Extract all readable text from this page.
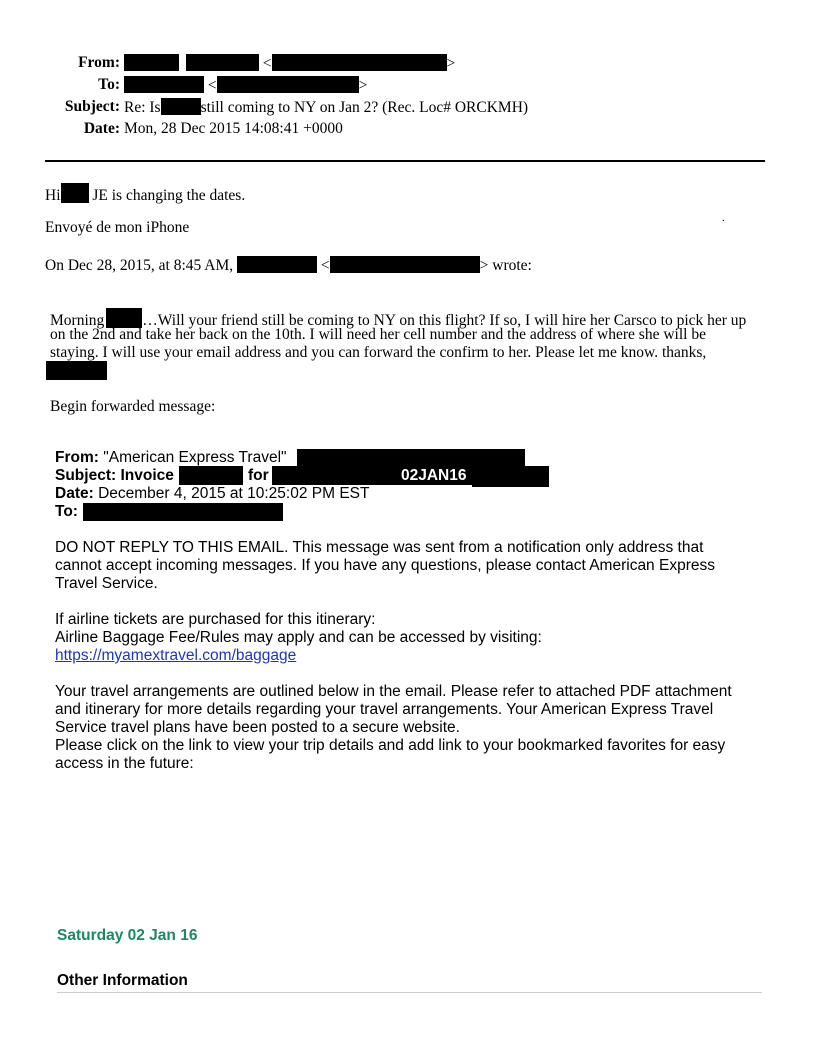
From:	<	>
To:	<	>
Subject: Re: Is	still coming to NY on Jan 2? (Rec. Loc# ORCKMH)
Date: Mon, 28 Dec 2015 14:08:41 +0000
Hi JE is changing the dates.
Envoyé de mon iPhone
.
On Dec 28, 2015, at 8:45 AM,	<	> wrote:
Morning …Will your friend still be coming to NY on this flight? If so, I will hire her Carsco to pick her up
on the 2nd and take her back on the 10th. I will need her cell number and the address of where she will be
staying. I will use your email address and you can forward the confirm to her. Please let me know. thanks,
Begin forwarded message:
From: "American Express Travel"
Subject: Invoice	for	02JAN16
Date: December 4, 2015 at 10:25:02 PM EST
To:
DO NOT REPLY TO THIS EMAIL. This message was sent from a notification only address that
cannot accept incoming messages. If you have any questions, please contact American Express
Travel Service.
If airline tickets are purchased for this itinerary:
Airline Baggage Fee/Rules may apply and can be accessed by visiting:
https://myamextravel.com/baggage
Your travel arrangements are outlined below in the email. Please refer to attached PDF attachment
and itinerary for more details regarding your travel arrangements. Your American Express Travel
Service travel plans have been posted to a secure website.
Please click on the link to view your trip details and add link to your bookmarked favorites for easy
access in the future:
Saturday 02 Jan 16
Other Information
